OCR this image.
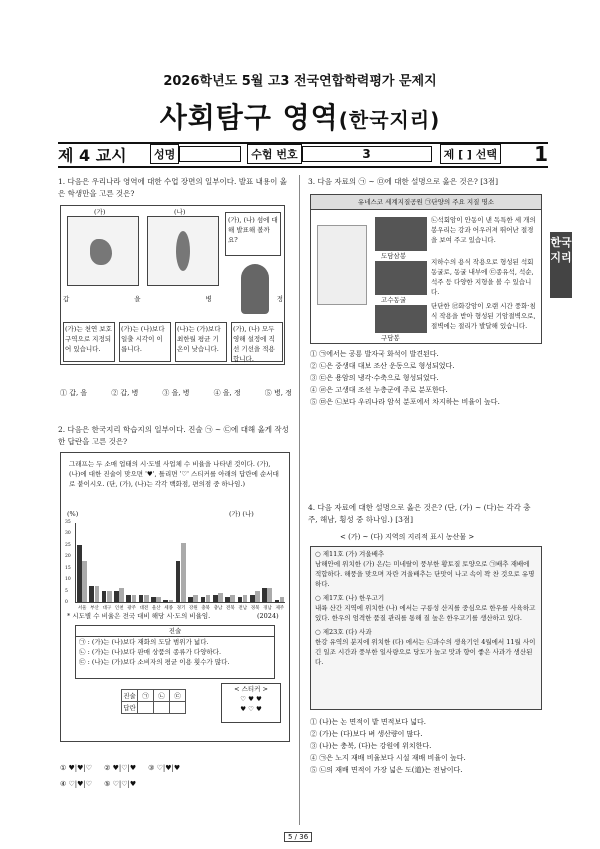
2026학년도 5월 고3 전국연합학력평가 문제지
사회탐구 영역(한국지리)
제 4 교시	성명	수험 번호	3	제 [ ] 선택 1
한국지리
1. 다음은 우리나라 영역에 대한 수업 장면의 일부이다. 발표 내용이 옳은 학생만을 고른 것은?
(가)	(나)
(가), (나) 섬에 대해 발표해 볼까요?
갑	을	병	정
(가)는 천연 보호 구역으로 지정되어 있습니다.
(가)는 (나)보다 일출 시각이 이릅니다.
(나)는 (가)보다 최한월 평균 기온이 낮습니다.
(가), (나) 모두 영해 설정에 직선 기선을 적용합니다.
① 갑, 을	② 갑, 병	③ 을, 병	④ 을, 정	⑤ 병, 정
2. 다음은 한국지리 학습지의 일부이다. 진술 ㉠ ~ ㉢에 대해 옳게 작성한 답란을 고른 것은?
그래프는 두 소매 업태의 시·도별 사업체 수 비율을 나타낸 것이다. (가), (나)에 대한 진술이 맞으면 '♥', 틀리면 '♡' 스티커를 아래의 답란에 순서대로 붙이시오. (단, (가), (나)는 각각 백화점, 편의점 중 하나임.)
(%)	(가) (나)
서울 부산 대구 인천 광주 대전 울산 세종 경기 강원 충북 충남 전북 전남 경북 경남 제주
0
5
10
15
20
25
30
35
* 시도별 수 비율은 전국 대비 해당 시·도의 비율임.	(2024)
진술
㉠ : (가)는 (나)보다 재화의 도달 범위가 넓다.
㉡ : (가)는 (나)보다 판매 상품의 종류가 다양하다.
㉢ : (나)는 (가)보다 소비자의 평균 이용 횟수가 많다.
진술	㉠	㉡	㉢
답란			
< 스티커 >
♡ ♥ ♥
♥ ♡ ♥
① ♥|♥|♡ ② ♥|♡|♥ ③ ♡|♥|♥
④ ♡|♥|♡ ⑤ ♡|♡|♥
3. 다음 자료의 ㉠ ~ ㉤에 대한 설명으로 옳은 것은? [3점]
유네스코 세계지질공원 ㉠단양의 주요 지질 명소
도담삼봉
고수동굴
구담봉
㉡석회암이 안동이 낸 독특한 세 개의 봉우리는 강과 어우러져 뛰어난 절경을 보여 주고 있습니다.
지하수의 용식 작용으로 형성된 석회 동굴로, 동굴 내부에 ㉢종유석, 석순, 석주 등 다양한 지형을 볼 수 있습니다.
단단한 ㉣화강암이 오랜 시간 풍화·침식 작용을 받아 형성된 기암절벽으로, 절벽에는 절리가 발달해 있습니다.
① ㉠에서는 공룡 발자국 화석이 발견된다.
② ㉡은 중생대 대보 조산 운동으로 형성되었다.
③ ㉢은 용암의 냉각·수축으로 형성되었다.
④ ㉣은 고생대 조선 누층군에 주로 분포한다.
⑤ ㉤은 ㉡보다 우리나라 암석 분포에서 차지하는 비율이 높다.
4. 다음 자료에 대한 설명으로 옳은 것은? (단, (가) ~ (다)는 각각 충주, 해남, 횡성 중 하나임.) [3점]
< (가) ~ (다) 지역의 지리적 표시 농산물 >
○ 제11호 (가) 겨울배추
남해안에 위치한 (가) 은/는 미네랄이 풍부한 황토질 토양으로 ㉠배추 재배에 적합하다. 해풍을 맞으며 자란 겨울배추는 단맛이 나고 속이 꽉 찬 것으로 유명하다.
○ 제17호 (나) 한우고기
내륙 산간 지역에 위치한 (나) 에서는 구릉성 산지를 중심으로 한우를 사육하고 있다. 한우의 엄격한 품질 관리를 통해 질 높은 한우고기를 생산하고 있다.
○ 제23호 (다) 사과
한강 유역의 분지에 위치한 (다) 에서는 ㉡과수의 생육기인 4월에서 11월 사이 긴 일조 시간과 풍부한 일사량으로 당도가 높고 맛과 향이 좋은 사과가 생산된다.
① (나)는 논 면적이 밭 면적보다 넓다.
② (가)는 (다)보다 벼 생산량이 많다.
③ (나)는 충북, (다)는 강원에 위치한다.
④ ㉠은 노지 재배 비율보다 시설 재배 비율이 높다.
⑤ ㉡의 재배 면적이 가장 넓은 도(道)는 전남이다.
5 / 36
